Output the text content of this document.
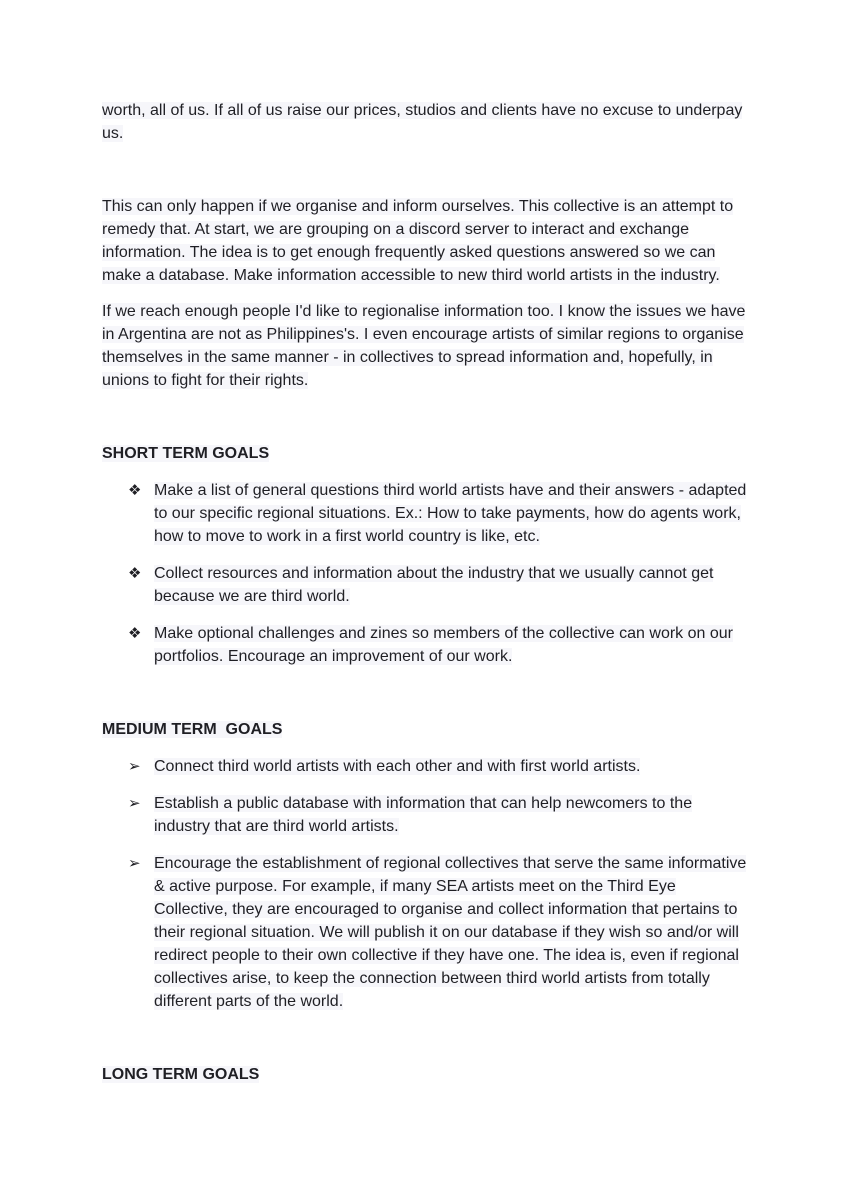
worth, all of us. If all of us raise our prices, studios and clients have no excuse to underpay us.

This can only happen if we organise and inform ourselves. This collective is an attempt to remedy that. At start, we are grouping on a discord server to interact and exchange information. The idea is to get enough frequently asked questions answered so we can make a database. Make information accessible to new third world artists in the industry.

If we reach enough people I'd like to regionalise information too. I know the issues we have in Argentina are not as Philippines's. I even encourage artists of similar regions to organise themselves in the same manner - in collectives to spread information and, hopefully, in unions to fight for their rights.

SHORT TERM GOALS
❖ Make a list of general questions third world artists have and their answers - adapted to our specific regional situations. Ex.: How to take payments, how do agents work, how to move to work in a first world country is like, etc.
❖ Collect resources and information about the industry that we usually cannot get because we are third world.
❖ Make optional challenges and zines so members of the collective can work on our portfolios. Encourage an improvement of our work.
MEDIUM TERM  GOALS
➢ Connect third world artists with each other and with first world artists.
➢ Establish a public database with information that can help newcomers to the industry that are third world artists.
➢ Encourage the establishment of regional collectives that serve the same informative & active purpose. For example, if many SEA artists meet on the Third Eye Collective, they are encouraged to organise and collect information that pertains to their regional situation. We will publish it on our database if they wish so and/or will redirect people to their own collective if they have one. The idea is, even if regional collectives arise, to keep the connection between third world artists from totally different parts of the world.
LONG TERM GOALS
